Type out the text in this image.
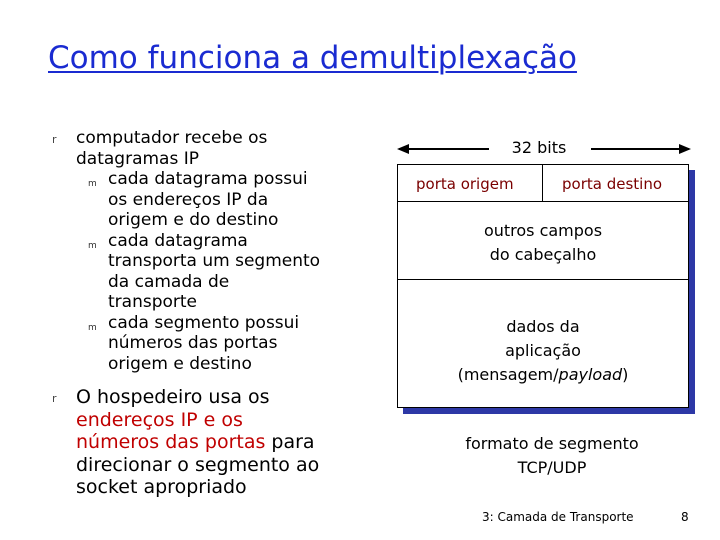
Como funciona a demultiplexação
r computador recebe os
datagramas IP
m cada datagrama possui
os endereços IP da
origem e do destino
m cada datagrama
transporta um segmento
da camada de
transporte
m cada segmento possui
números das portas
origem e destino
r O hospedeiro usa os
endereços IP e os
números das portas para
direcionar o segmento ao
socket apropriado
32 bits
porta origem	porta destino
outros campos
do cabeçalho
dados da
aplicação
(mensagem/payload)
formato de segmento
TCP/UDP
3: Camada de Transporte	8
